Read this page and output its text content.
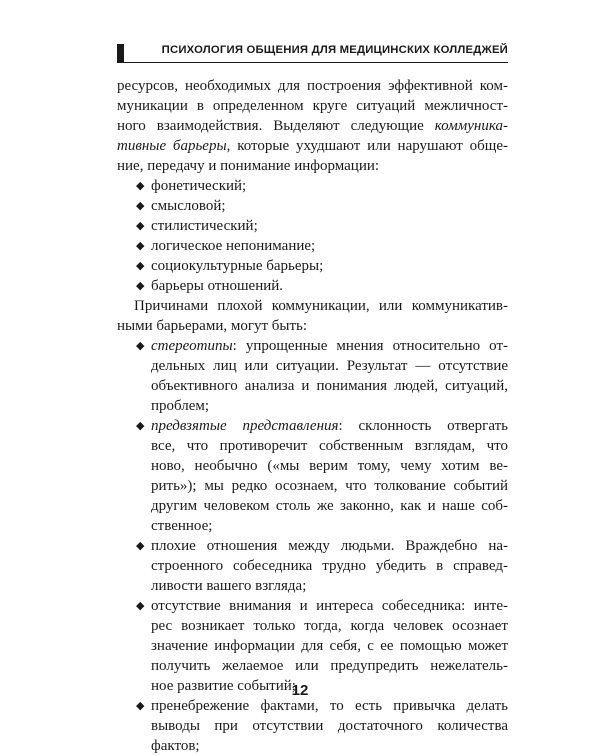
ПСИХОЛОГИЯ ОБЩЕНИЯ ДЛЯ МЕДИЦИНСКИХ КОЛЛЕДЖЕЙ
ресурсов, необходимых для построения эффективной ком-
муникации в определенном круге ситуаций межличност-
ного взаимодействия. Выделяют следующие коммуника-
тивные барьеры, которые ухудшают или нарушают обще-
ние, передачу и понимание информации:
◆ фонетический;
◆ смысловой;
◆ стилистический;
◆ логическое непонимание;
◆ социокультурные барьеры;
◆ барьеры отношений.
Причинами плохой коммуникации, или коммуникатив-
ными барьерами, могут быть:
◆ стереотипы: упрощенные мнения относительно от-
дельных лиц или ситуации. Результат — отсутствие
объективного анализа и понимания людей, ситуаций,
проблем;
◆ предвзятые представления: склонность отвергать
все, что противоречит собственным взглядам, что
ново, необычно («мы верим тому, чему хотим ве-
рить»); мы редко осознаем, что толкование событий
другим человеком столь же законно, как и наше соб-
ственное;
◆ плохие отношения между людьми. Враждебно на-
строенного собеседника трудно убедить в справед-
ливости вашего взгляда;
◆ отсутствие внимания и интереса собеседника: инте-
рес возникает только тогда, когда человек осознает
значение информации для себя, с ее помощью может
получить желаемое или предупредить нежелатель-
ное развитие событий;
◆ пренебрежение фактами, то есть привычка делать
выводы при отсутствии достаточного количества
фактов;
12
